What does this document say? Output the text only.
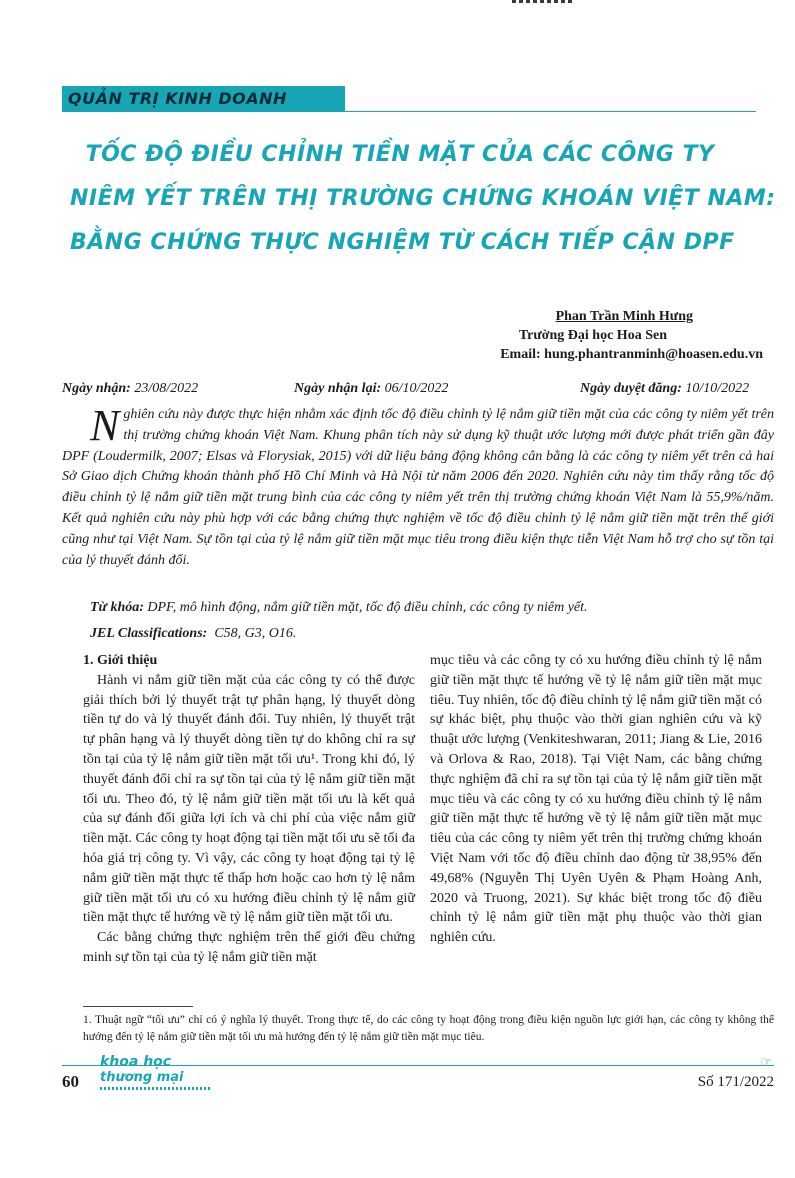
QUẢN TRỊ KINH DOANH
TỐC ĐỘ ĐIỀU CHỈNH TIỀN MẶT CỦA CÁC CÔNG TY
NIÊM YẾT TRÊN THỊ TRƯỜNG CHỨNG KHOÁN VIỆT NAM:
BẰNG CHỨNG THỰC NGHIỆM TỪ CÁCH TIẾP CẬN DPF
Phan Trần Minh Hưng
Trường Đại học Hoa Sen
Email: hung.phantranminh@hoasen.edu.vn
Ngày nhận: 23/08/2022	Ngày nhận lại: 06/10/2022	Ngày duyệt đăng: 10/10/2022
N ghiên cứu này được thực hiện nhằm xác định tốc độ điều chỉnh tỷ lệ nắm giữ tiền mặt của các công ty niêm yết trên thị trường chứng khoán Việt Nam. Khung phân tích này sử dụng kỹ thuật ước lượng mới được phát triển gần đây DPF (Loudermilk, 2007; Elsas và Florysiak, 2015) với dữ liệu bảng động không cân bằng là các công ty niêm yết trên cả hai Sở Giao dịch Chứng khoán thành phố Hồ Chí Minh và Hà Nội từ năm 2006 đến 2020. Nghiên cứu này tìm thấy rằng tốc độ điều chỉnh tỷ lệ nắm giữ tiền mặt trung bình của các công ty niêm yết trên thị trường chứng khoán Việt Nam là 55,9%/năm. Kết quả nghiên cứu này phù hợp với các bằng chứng thực nghiệm về tốc độ điều chỉnh tỷ lệ nắm giữ tiền mặt trên thế giới cũng như tại Việt Nam. Sự tồn tại của tỷ lệ nắm giữ tiền mặt mục tiêu trong điều kiện thực tiễn Việt Nam hỗ trợ cho sự tồn tại của lý thuyết đánh đổi.

Từ khóa: DPF, mô hình động, nắm giữ tiền mặt, tốc độ điều chỉnh, các công ty niêm yết.
JEL Classifications: C58, G3, O16.

1. Giới thiệu

Hành vi nắm giữ tiền mặt của các công ty có thể được giải thích bởi lý thuyết trật tự phân hạng, lý thuyết dòng tiền tự do và lý thuyết đánh đổi. Tuy nhiên, lý thuyết trật tự phân hạng và lý thuyết dòng tiền tự do không chỉ ra sự tồn tại của tỷ lệ nắm giữ tiền mặt tối ưu¹. Trong khi đó, lý thuyết đánh đổi chỉ ra sự tồn tại của tỷ lệ nắm giữ tiền mặt tối ưu. Theo đó, tỷ lệ nắm giữ tiền mặt tối ưu là kết quả của sự đánh đổi giữa lợi ích và chi phí của việc nắm giữ tiền mặt. Các công ty hoạt động tại tiền mặt tối ưu sẽ tối đa hóa giá trị công ty. Vì vậy, các công ty hoạt động tại tỷ lệ nắm giữ tiền mặt thực tế thấp hơn hoặc cao hơn tỷ lệ nắm giữ tiền mặt tối ưu có xu hướng điều chỉnh tỷ lệ nắm giữ tiền mặt thực tế hướng về tỷ lệ nắm giữ tiền mặt tối ưu.

Các bằng chứng thực nghiệm trên thế giới đều chứng minh sự tồn tại của tỷ lệ nắm giữ tiền mặt

mục tiêu và các công ty có xu hướng điều chỉnh tỷ lệ nắm giữ tiền mặt thực tế hướng về tỷ lệ nắm giữ tiền mặt mục tiêu. Tuy nhiên, tốc độ điều chỉnh tỷ lệ nắm giữ tiền mặt có sự khác biệt, phụ thuộc vào thời gian nghiên cứu và kỹ thuật ước lượng (Venkiteshwaran, 2011; Jiang & Lie, 2016 và Orlova & Rao, 2018). Tại Việt Nam, các bằng chứng thực nghiệm đã chỉ ra sự tồn tại của tỷ lệ nắm giữ tiền mặt mục tiêu và các công ty có xu hướng điều chỉnh tỷ lệ nắm giữ tiền mặt thực tế hướng về tỷ lệ nắm giữ tiền mặt mục tiêu của các công ty niêm yết trên thị trường chứng khoán Việt Nam với tốc độ điều chỉnh dao động từ 38,95% đến 49,68% (Nguyễn Thị Uyên Uyên & Phạm Hoàng Anh, 2020 và Truong, 2021). Sự khác biệt trong tốc độ điều chỉnh tỷ lệ nắm giữ tiền mặt phụ thuộc vào thời gian nghiên cứu.

1. Thuật ngữ “tối ưu” chỉ có ý nghĩa lý thuyết. Trong thực tế, do các công ty hoạt động trong điều kiện nguồn lực giới hạn, các công ty không thể hướng đến tỷ lệ nắm giữ tiền mặt tối ưu mà hướng đến tỷ lệ nắm giữ tiền mặt mục tiêu.
60
khoa học
thương mại
☞
Số 171/2022
